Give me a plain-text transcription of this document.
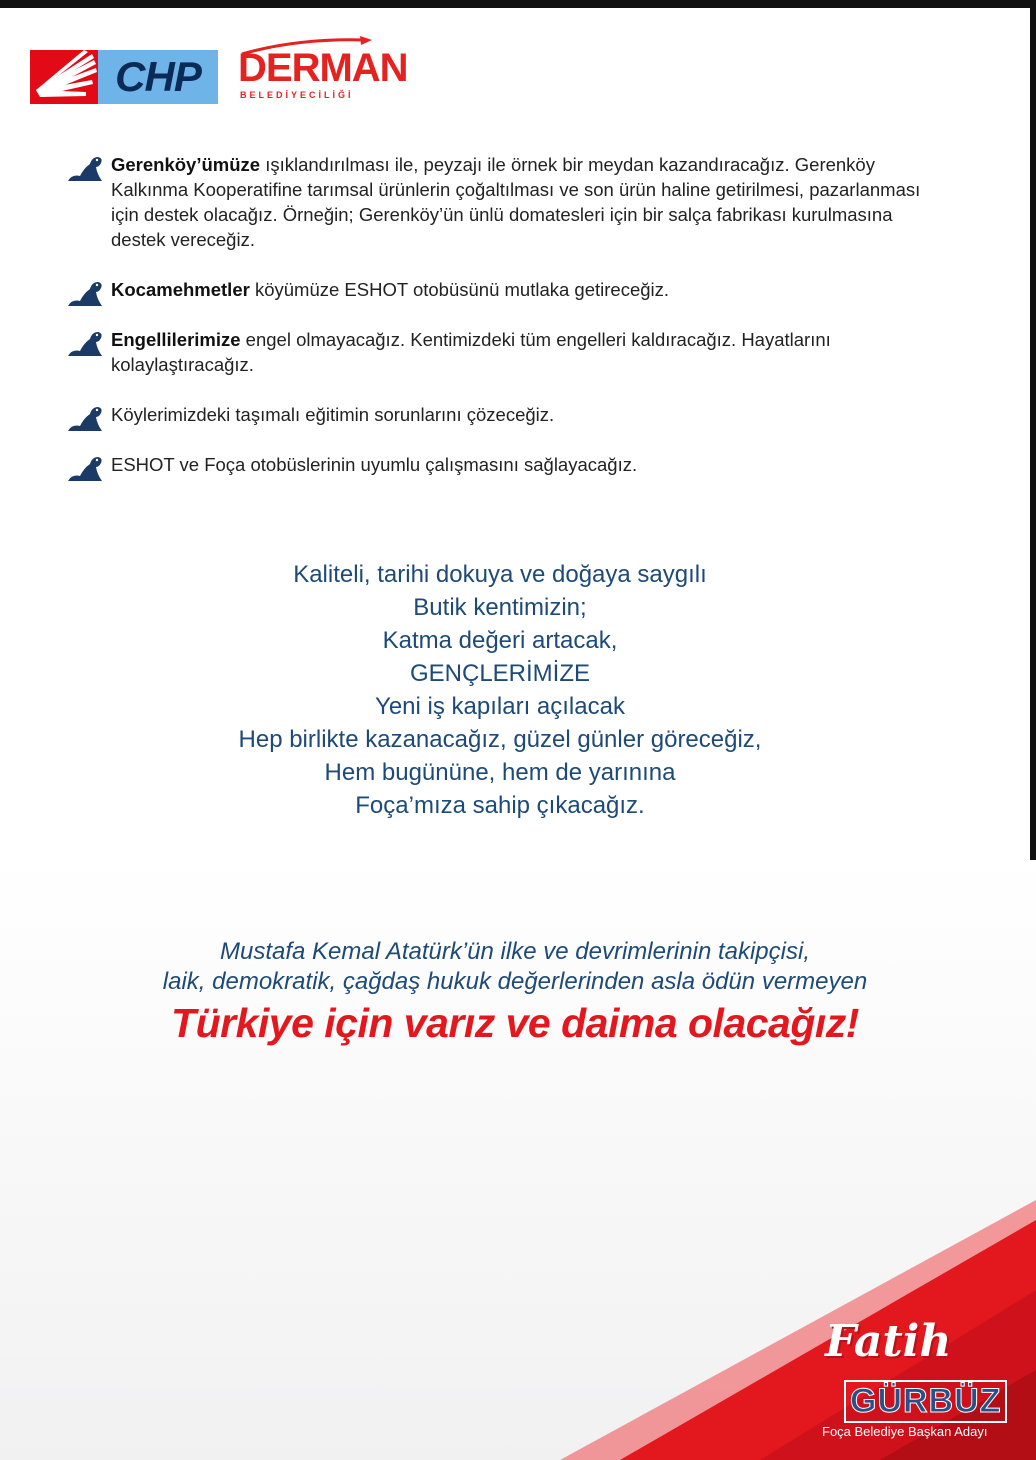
CHP DERMAN
BELEDİYECİLİĞİ
Gerenköy’ümüze ışıklandırılması ile, peyzajı ile örnek bir meydan kazandıracağız. Gerenköy Kalkınma Kooperatifine tarımsal ürünlerin çoğaltılması ve son ürün haline getirilmesi, pazarlanması için destek olacağız. Örneğin; Gerenköy’ün ünlü domatesleri için bir salça fabrikası kurulmasına destek vereceğiz.
Kocamehmetler köyümüze ESHOT otobüsünü mutlaka getireceğiz.
Engellilerimize engel olmayacağız. Kentimizdeki tüm engelleri kaldıracağız. Hayatlarını kolaylaştıracağız.
Köylerimizdeki taşımalı eğitimin sorunlarını çözeceğiz.
ESHOT ve Foça otobüslerinin uyumlu çalışmasını sağlayacağız.
Kaliteli, tarihi dokuya ve doğaya saygılı
Butik kentimizin;
Katma değeri artacak,
GENÇLERİMİZE
Yeni iş kapıları açılacak
Hep birlikte kazanacağız, güzel günler göreceğiz,
Hem bugününe, hem de yarınına
Foça’mıza sahip çıkacağız.
Mustafa Kemal Atatürk’ün ilke ve devrimlerinin takipçisi,
laik, demokratik, çağdaş hukuk değerlerinden asla ödün vermeyen
Türkiye için varız ve daima olacağız!
Fatih
GÜRBÜZ
Foça Belediye Başkan Adayı
